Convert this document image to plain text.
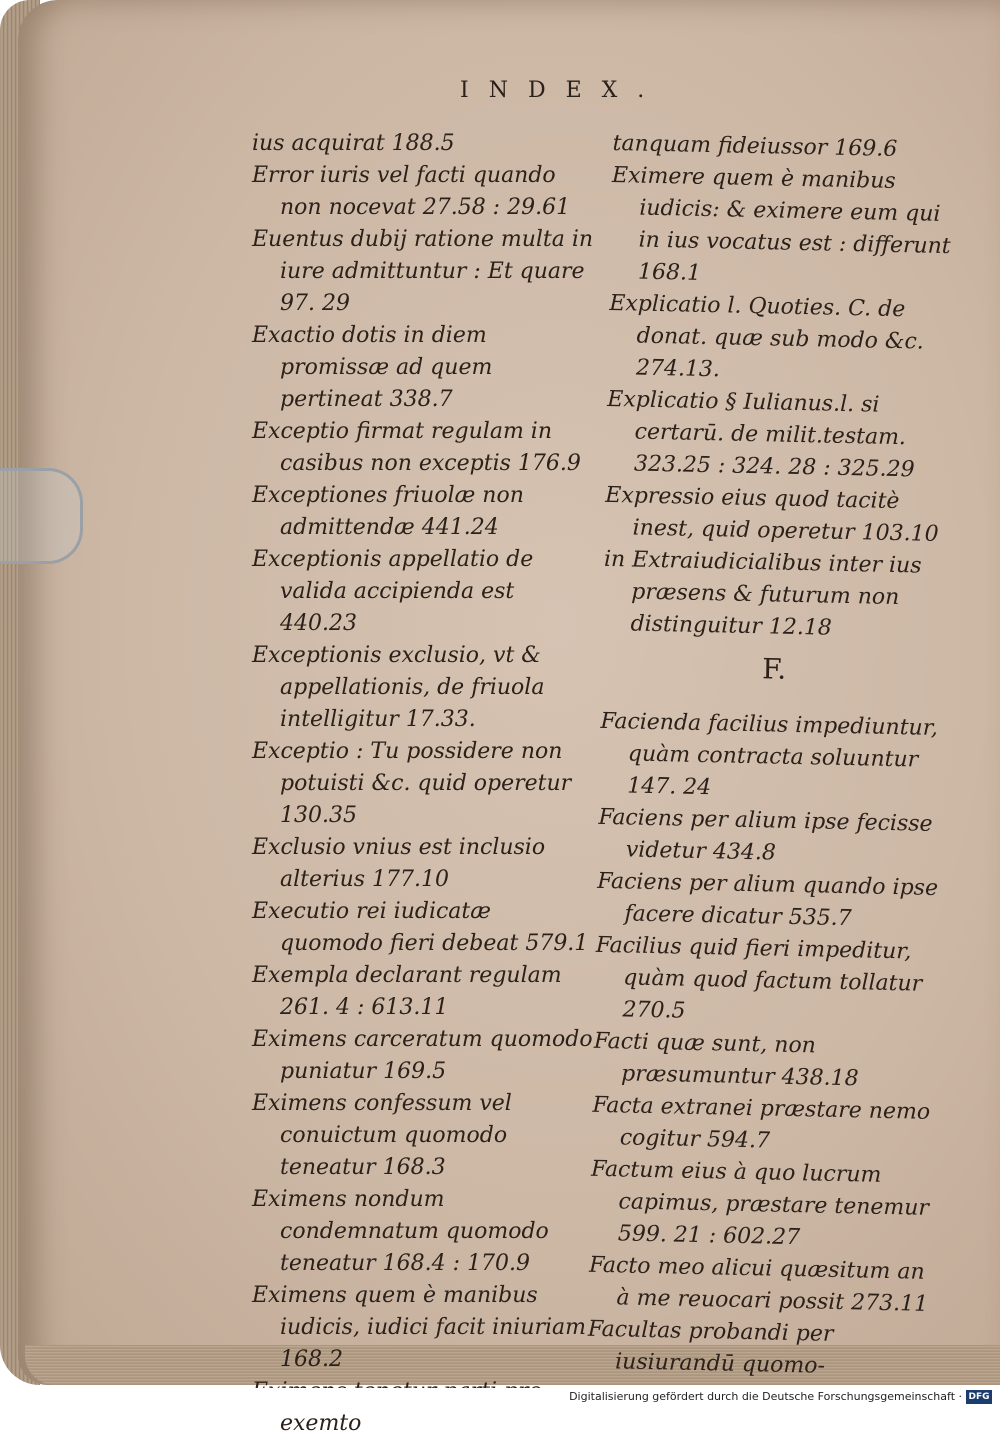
INDEX.

ius acquirat 188.5

Error iuris vel facti quando non nocevat 27.58 : 29.61

Euentus dubij ratione multa in iure admittuntur : Et quare 97. 29

Exactio dotis in diem promissæ ad quem pertineat 338.7

Exceptio firmat regulam in casibus non exceptis 176.9

Exceptiones friuolæ non admittendæ 441.24

Exceptionis appellatio de valida accipienda est 440.23

Exceptionis exclusio, vt & appellationis, de friuola intelligitur 17.33.

Exceptio : Tu possidere non potuisti &c. quid operetur 130.35

Exclusio vnius est inclusio alterius 177.10

Executio rei iudicatæ quomodo fieri debeat 579.1

Exempla declarant regulam 261. 4 : 613.11

Eximens carceratum quomodo puniatur 169.5

Eximens confessum vel conuictum quomodo teneatur 168.3

Eximens nondum condemnatum quomodo teneatur 168.4 : 170.9

Eximens quem è manibus iudicis, iudici facit iniuriam 168.2

exemto

tanquam fideiussor 169.6

Eximere quem è manibus iudicis: & eximere eum qui in ius vocatus est : differunt 168.1

Explicatio l. Quoties. C. de donat. quæ sub modo &c. 274.13.

Explicatio § Iulianus.l. si certarū. de milit.testam. 323.25 : 324. 28 : 325.29

Expressio eius quod tacitè inest, quid operetur 103.10

in Extraiudicialibus inter ius præsens & futurum non distinguitur 12.18

F.

Facienda facilius impediuntur, quàm contracta soluuntur 147. 24

Faciens per alium ipse fecisse videtur 434.8

Faciens per alium quando ipse facere dicatur 535.7

Facilius quid fieri impeditur, quàm quod factum tollatur 270.5

Facti quæ sunt, non præsumuntur 438.18

Facta extranei præstare nemo cogitur 594.7

Factum eius à quo lucrum capimus, præstare tenemur 599. 21 : 602.27

Facto meo alicui quæsitum an à me reuocari possit 273.11

Facultas probandi per iusiurandū quomo-

Digitalisierung gefördert durch die Deutsche Forschungsgemeinschaft · DFG
